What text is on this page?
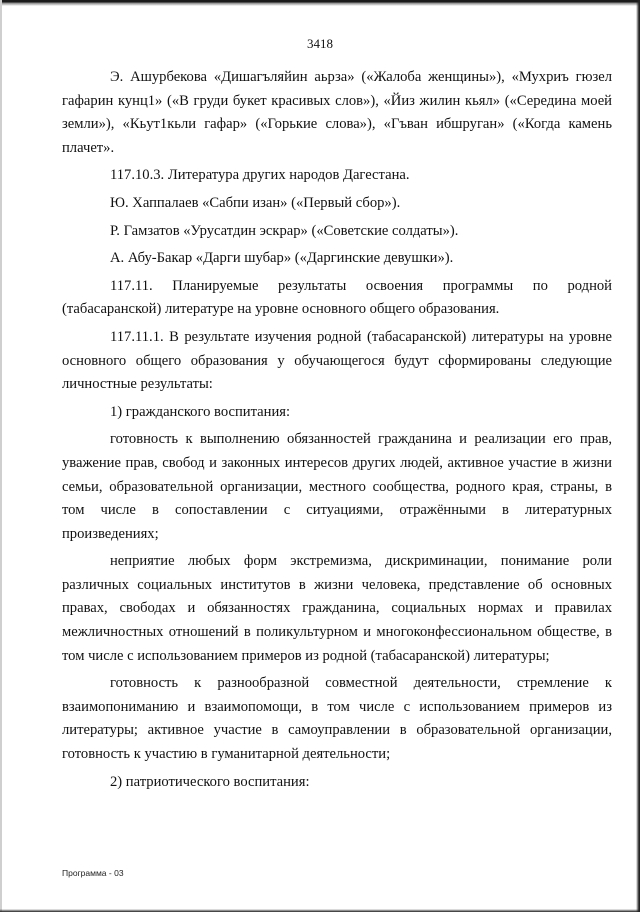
3418

Э. Ашурбекова «Дишагъляйин аьрза» («Жалоба женщины»), «Мухриъ гюзел гафарин кунц1» («В груди букет красивых слов»), «Йиз жилин кьял» («Середина моей земли»), «Кьут1кьли гафар» («Горькие слова»), «Гъван ибшруган» («Когда камень плачет».

117.10.3. Литература других народов Дагестана.

Ю. Хаппалаев «Сабпи изан» («Первый сбор»).

Р. Гамзатов «Урусатдин эскрар» («Советские солдаты»).

А. Абу-Бакар «Дарги шубар» («Даргинские девушки»).

117.11. Планируемые результаты освоения программы по родной (табасаранской) литературе на уровне основного общего образования.

117.11.1. В результате изучения родной (табасаранской) литературы на уровне основного общего образования у обучающегося будут сформированы следующие личностные результаты:

1) гражданского воспитания:

готовность к выполнению обязанностей гражданина и реализации его прав, уважение прав, свобод и законных интересов других людей, активное участие в жизни семьи, образовательной организации, местного сообщества, родного края, страны, в том числе в сопоставлении с ситуациями, отражёнными в литературных произведениях;

неприятие любых форм экстремизма, дискриминации, понимание роли различных социальных институтов в жизни человека, представление об основных правах, свободах и обязанностях гражданина, социальных нормах и правилах межличностных отношений в поликультурном и многоконфессиональном обществе, в том числе с использованием примеров из родной (табасаранской) литературы;

готовность к разнообразной совместной деятельности, стремление к взаимопониманию и взаимопомощи, в том числе с использованием примеров из литературы; активное участие в самоуправлении в образовательной организации, готовность к участию в гуманитарной деятельности;

2) патриотического воспитания:

Программа - 03
